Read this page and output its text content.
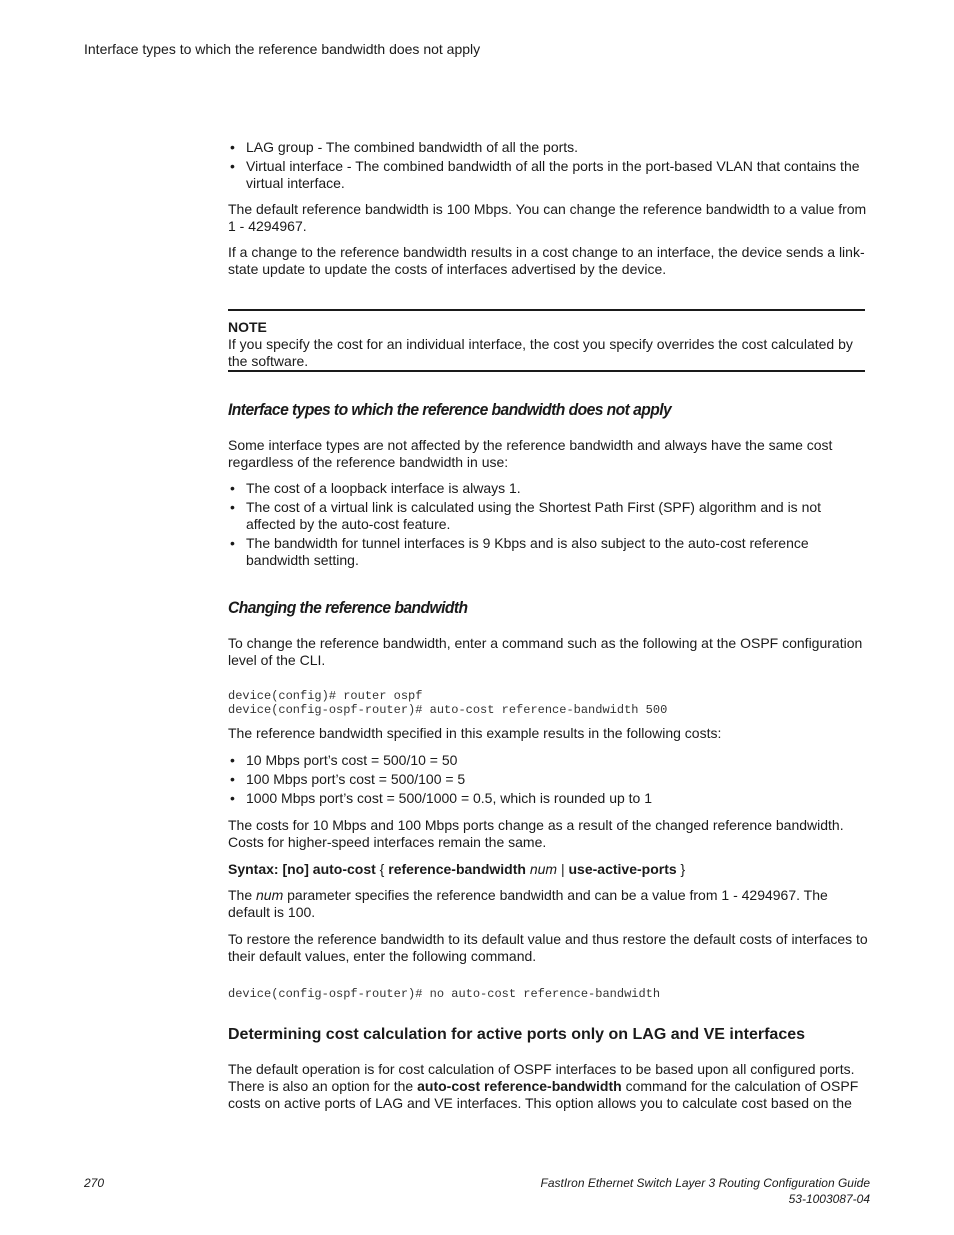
Interface types to which the reference bandwidth does not apply
• LAG group - The combined bandwidth of all the ports.
• Virtual interface - The combined bandwidth of all the ports in the port-based VLAN that contains the virtual interface.

The default reference bandwidth is 100 Mbps. You can change the reference bandwidth to a value from 1 - 4294967.

If a change to the reference bandwidth results in a cost change to an interface, the device sends a link-state update to update the costs of interfaces advertised by the device.

NOTE

If you specify the cost for an individual interface, the cost you specify overrides the cost calculated by the software.

Interface types to which the reference bandwidth does not apply

Some interface types are not affected by the reference bandwidth and always have the same cost regardless of the reference bandwidth in use:

• The cost of a loopback interface is always 1.
• The cost of a virtual link is calculated using the Shortest Path First (SPF) algorithm and is not affected by the auto-cost feature.
• The bandwidth for tunnel interfaces is 9 Kbps and is also subject to the auto-cost reference bandwidth setting.
Changing the reference bandwidth

To change the reference bandwidth, enter a command such as the following at the OSPF configuration level of the CLI.

device(config)# router ospf
device(config-ospf-router)# auto-cost reference-bandwidth 500

The reference bandwidth specified in this example results in the following costs:

• 10 Mbps port’s cost = 500/10 = 50
• 100 Mbps port’s cost = 500/100 = 5
• 1000 Mbps port’s cost = 500/1000 = 0.5, which is rounded up to 1

The costs for 10 Mbps and 100 Mbps ports change as a result of the changed reference bandwidth. Costs for higher-speed interfaces remain the same.

Syntax: [no] auto-cost { reference-bandwidth num | use-active-ports }

The num parameter specifies the reference bandwidth and can be a value from 1 - 4294967. The default is 100.

To restore the reference bandwidth to its default value and thus restore the default costs of interfaces to their default values, enter the following command.

device(config-ospf-router)# no auto-cost reference-bandwidth
Determining cost calculation for active ports only on LAG and VE interfaces

The default operation is for cost calculation of OSPF interfaces to be based upon all configured ports. There is also an option for the auto-cost reference-bandwidth command for the calculation of OSPF costs on active ports of LAG and VE interfaces. This option allows you to calculate cost based on the

270	FastIron Ethernet Switch Layer 3 Routing Configuration Guide
53-1003087-04
